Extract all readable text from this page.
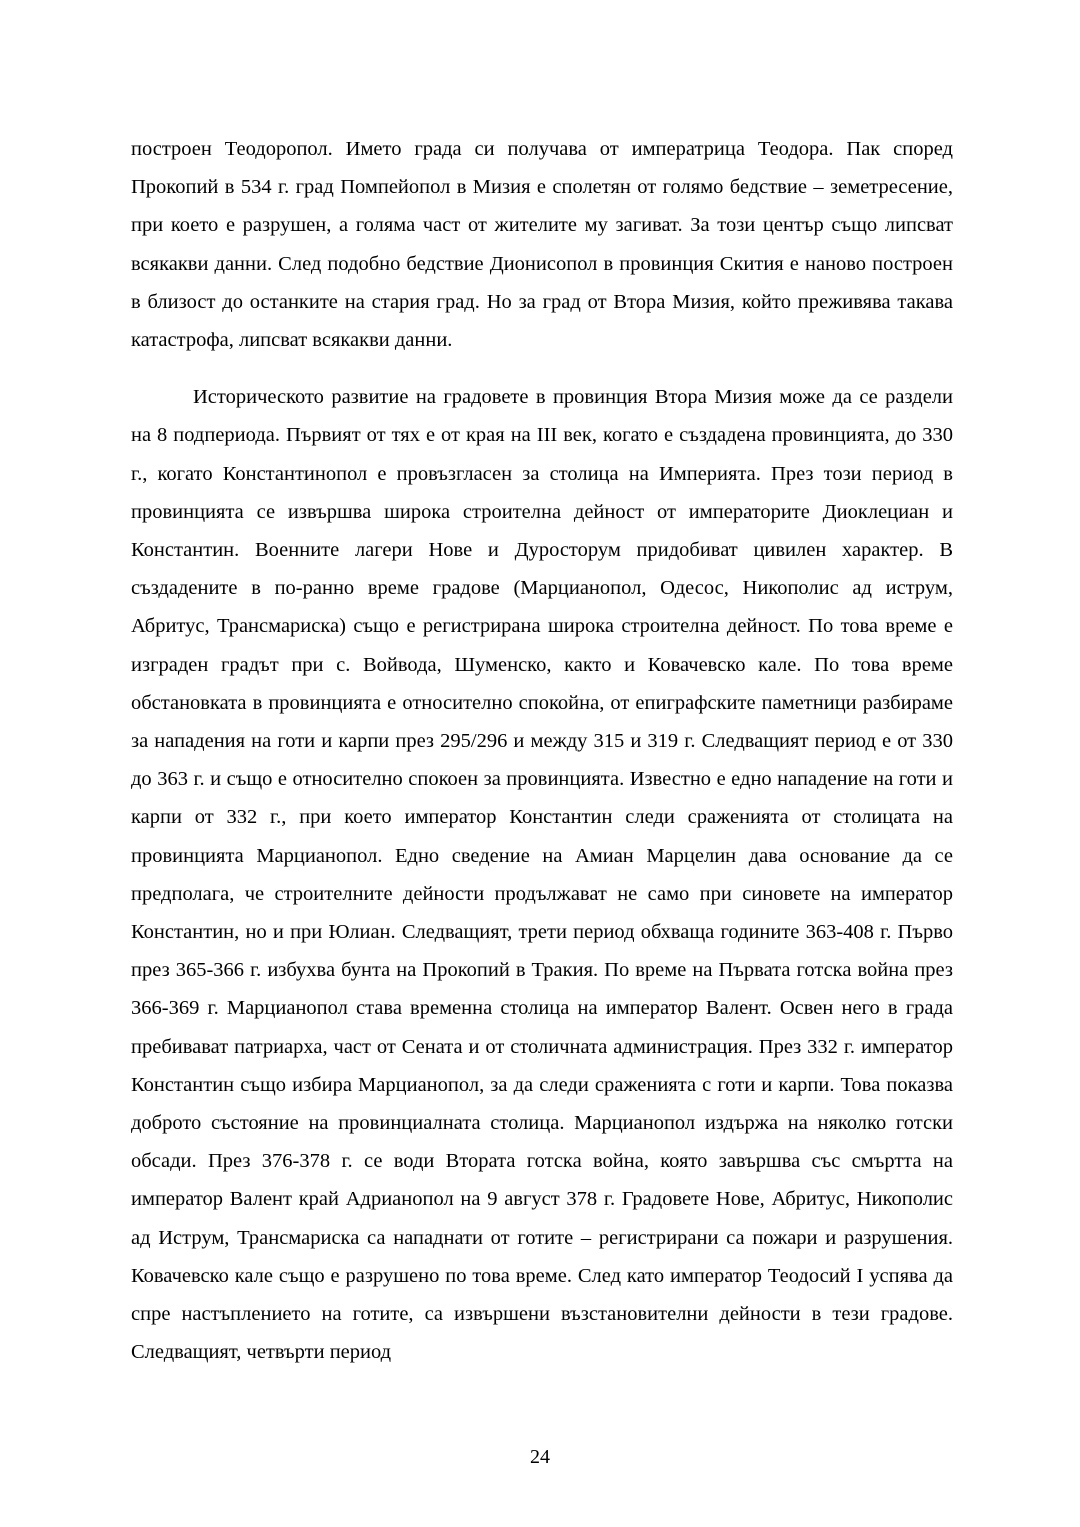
построен Теодоропол. Името града си получава от императрица Теодора. Пак според Прокопий в 534 г. град Помпейопол в Мизия е сполетян от голямо бедствие – земетресение, при което е разрушен, а голяма част от жителите му загиват. За този център също липсват всякакви данни. След подобно бедствие Дионисопол в провинция Скития е наново построен в близост до останките на стария град. Но за град от Втора Мизия, който преживява такава катастрофа, липсват всякакви данни.

Историческото развитие на градовете в провинция Втора Мизия може да се раздели на 8 подпериода. Първият от тях е от края на III век, когато е създадена провинцията, до 330 г., когато Константинопол е провъзгласен за столица на Империята. През този период в провинцията се извършва широка строителна дейност от императорите Диоклециан и Константин. Военните лагери Нове и Дуросторум придобиват цивилен характер. В създадените в по-ранно време градове (Марцианопол, Одесос, Никополис ад иструм, Абритус, Трансмариска) също е регистрирана широка строителна дейност. По това време е изграден градът при с. Войвода, Шуменско, както и Ковачевско кале. По това време обстановката в провинцията е относително спокойна, от епиграфските паметници разбираме за нападения на готи и карпи през 295/296 и между 315 и 319 г. Следващият период е от 330 до 363 г. и също е относително спокоен за провинцията. Известно е едно нападение на готи и карпи от 332 г., при което император Константин следи сраженията от столицата на провинцията Марцианопол. Едно сведение на Амиан Марцелин дава основание да се предполага, че строителните дейности продължават не само при синовете на император Константин, но и при Юлиан. Следващият, трети период обхваща годините 363-408 г. Първо през 365-366 г. избухва бунта на Прокопий в Тракия. По време на Първата готска война през 366-369 г. Марцианопол става временна столица на император Валент. Освен него в града пребивават патриарха, част от Сената и от столичната администрация. През 332 г. император Константин също избира Марцианопол, за да следи сраженията с готи и карпи. Това показва доброто състояние на провинциалната столица. Марцианопол издържа на няколко готски обсади. През 376-378 г. се води Втората готска война, която завършва със смъртта на император Валент край Адрианопол на 9 август 378 г. Градовете Нове, Абритус, Никополис ад Иструм, Трансмариска са нападнати от готите – регистрирани са пожари и разрушения. Ковачевско кале също е разрушено по това време. След като император Теодосий I успява да спре настъплението на готите, са извършени възстановителни дейности в тези градове. Следващият, четвърти период

24
